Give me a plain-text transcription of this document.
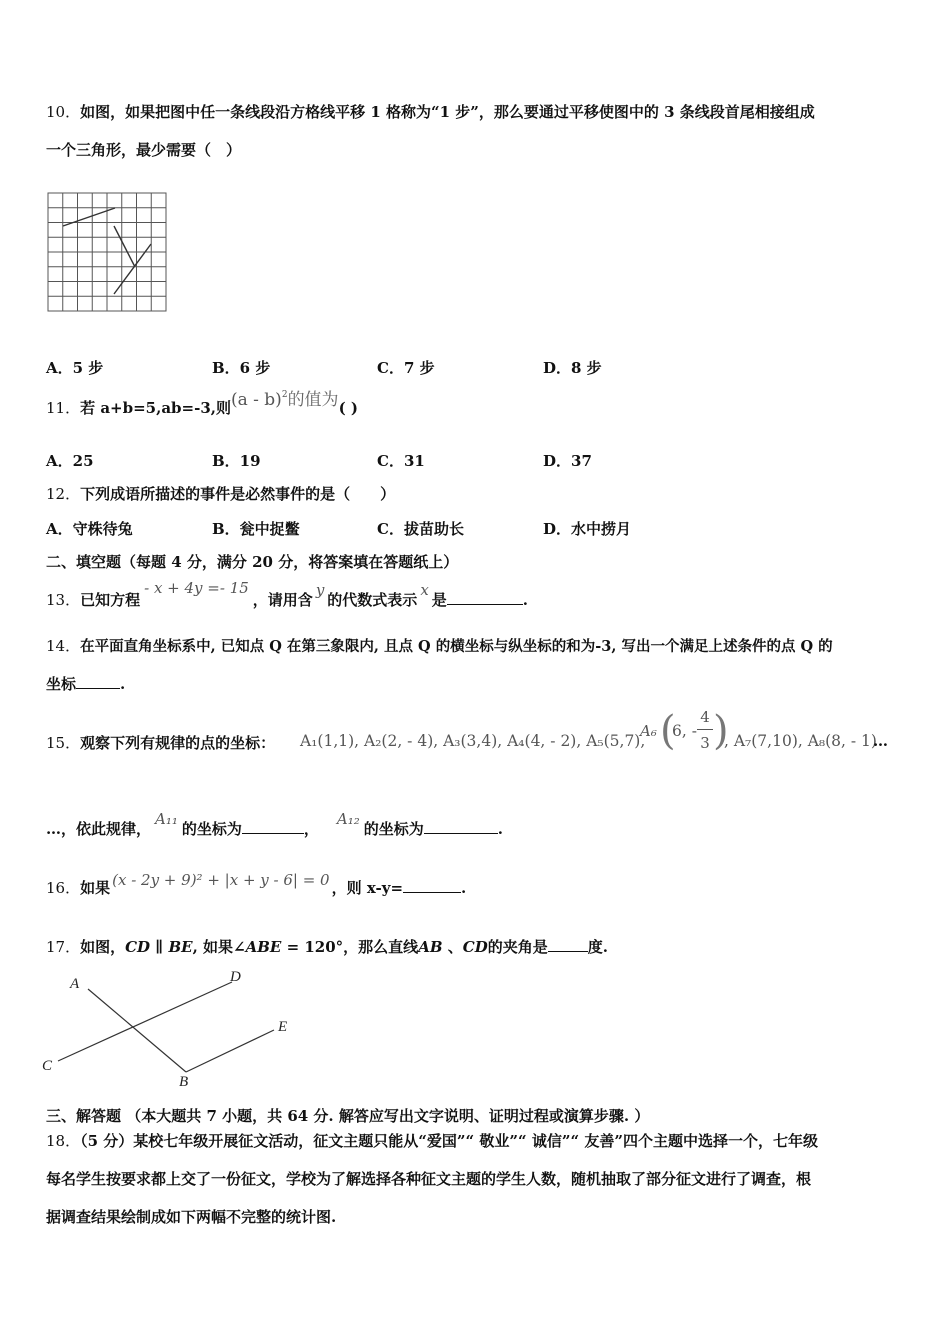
10．如图，如果把图中任一条线段沿方格线平移 1 格称为“1 步”，那么要通过平移使图中的 3 条线段首尾相接组成
一个三角形，最少需要（　）
A．5 步	B．6 步	C．7 步	D．8 步
11．若 a+b=5,ab=-3,则(a - b)$^2$的值为( )
A．25	B．19	C．31	D．37
12．下列成语所描述的事件是必然事件的是（　　）
A．守株待兔	B．瓮中捉鳖	C．拔苗助长	D．水中捞月
二、填空题（每题 4 分，满分 20 分，将答案填在答题纸上）
13．已知方程- x + 4y =- 15，请用含y的代数式表示x是	.
14．在平面直角坐标系中, 已知点 Q 在第三象限内, 且点 Q 的横坐标与纵坐标的和为-3, 写出一个满足上述条件的点 Q 的
坐标	.
15．观察下列有规律的点的坐标： A₁(1,1), A₂(2, - 4), A₃(3,4), A₄(4, - 2), A₅(5,7),
A₆ (
6, -
4
3 )
, A₇(7,10), A₈(8, - 1)
…
…，依此规律，A₁₁的坐标为	，A₁₂的坐标为	.
16．如果 (x - 2y + 9)² + |x + y - 6| = 0 ，则 x-y=	.
17．如图，CD ∥ BE, 如果∠ABE = 120°，那么直线AB 、CD的夹角是	度.
A	D
E
C
B
三、解答题 （本大题共 7 小题，共 64 分. 解答应写出文字说明、证明过程或演算步骤. ）
18．（5 分）某校七年级开展征文活动，征文主题只能从“爱国”“ 敬业”“ 诚信”“ 友善”四个主题中选择一个，七年级
每名学生按要求都上交了一份征文，学校为了解选择各种征文主题的学生人数，随机抽取了部分征文进行了调查，根
据调查结果绘制成如下两幅不完整的统计图.
